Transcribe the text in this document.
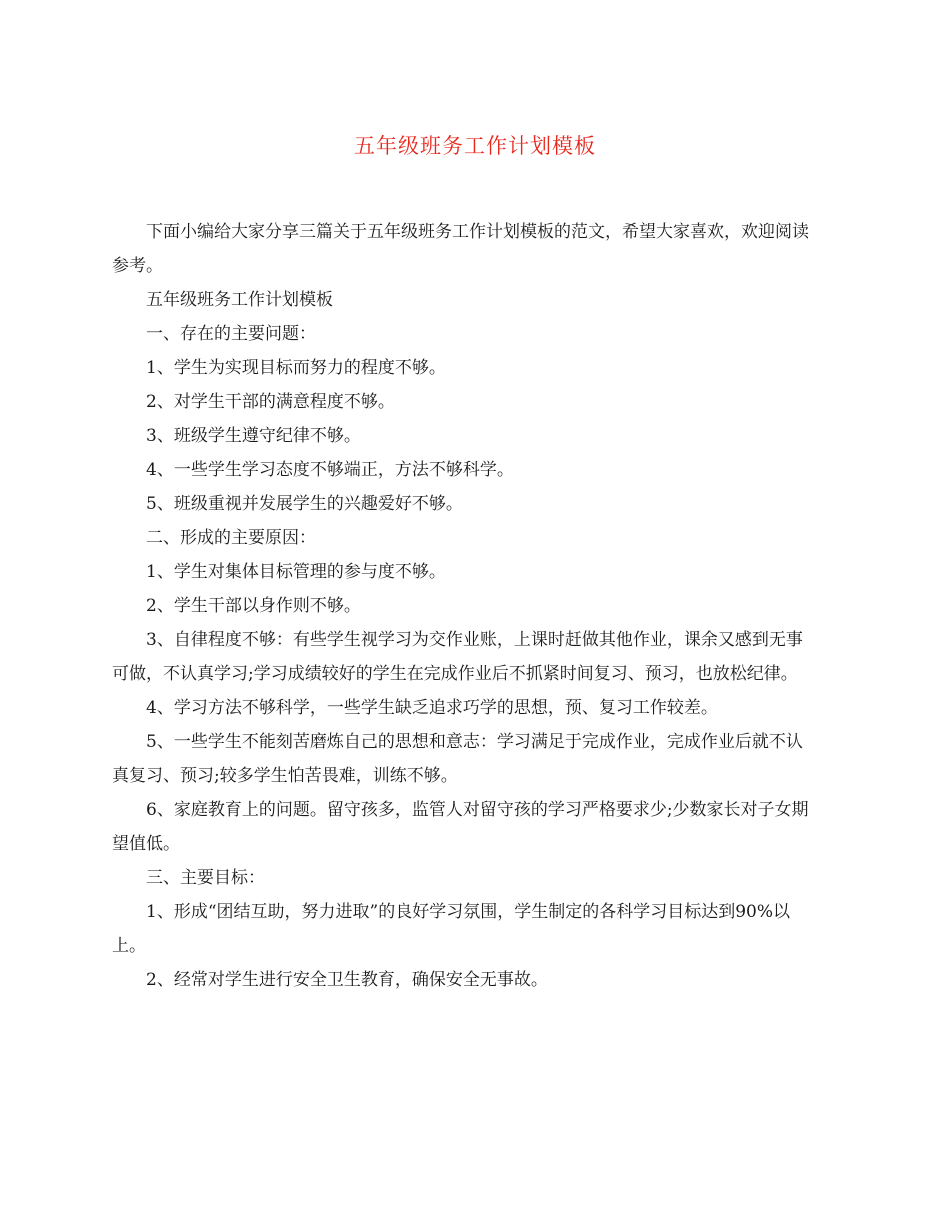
五年级班务工作计划模板

下面小编给大家分享三篇关于五年级班务工作计划模板的范文，希望大家喜欢，欢迎阅读参考。

五年级班务工作计划模板

一、存在的主要问题：

1、学生为实现目标而努力的程度不够。

2、对学生干部的满意程度不够。

3、班级学生遵守纪律不够。

4、一些学生学习态度不够端正，方法不够科学。

5、班级重视并发展学生的兴趣爱好不够。

二、形成的主要原因：

1、学生对集体目标管理的参与度不够。

2、学生干部以身作则不够。

3、自律程度不够：有些学生视学习为交作业账，上课时赶做其他作业，课余又感到无事可做，不认真学习;学习成绩较好的学生在完成作业后不抓紧时间复习、预习，也放松纪律。

4、学习方法不够科学，一些学生缺乏追求巧学的思想，预、复习工作较差。

5、一些学生不能刻苦磨炼自己的思想和意志：学习满足于完成作业，完成作业后就不认真复习、预习;较多学生怕苦畏难，训练不够。

6、家庭教育上的问题。留守孩多，监管人对留守孩的学习严格要求少;少数家长对子女期望值低。

三、主要目标：

1、形成“团结互助，努力进取”的良好学习氛围，学生制定的各科学习目标达到90%以上。

2、经常对学生进行安全卫生教育，确保安全无事故。
